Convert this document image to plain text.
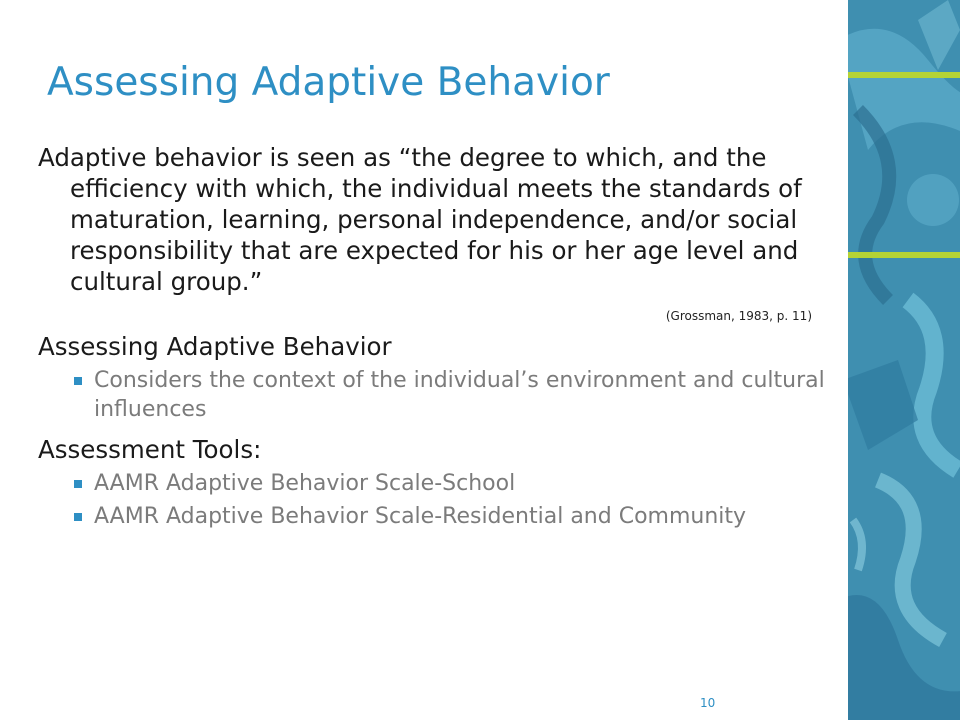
Assessing Adaptive Behavior

Adaptive behavior is seen as “the degree to which, and the efficiency with which, the individual meets the standards of maturation, learning, personal independence, and/or social responsibility that are expected for his or her age level and cultural group.”

(Grossman, 1983, p. 11)
Assessing Adaptive Behavior
Considers the context of the individual’s environment and cultural influences
Assessment Tools:
AAMR Adaptive Behavior Scale-School
AAMR Adaptive Behavior Scale-Residential and Community
10
